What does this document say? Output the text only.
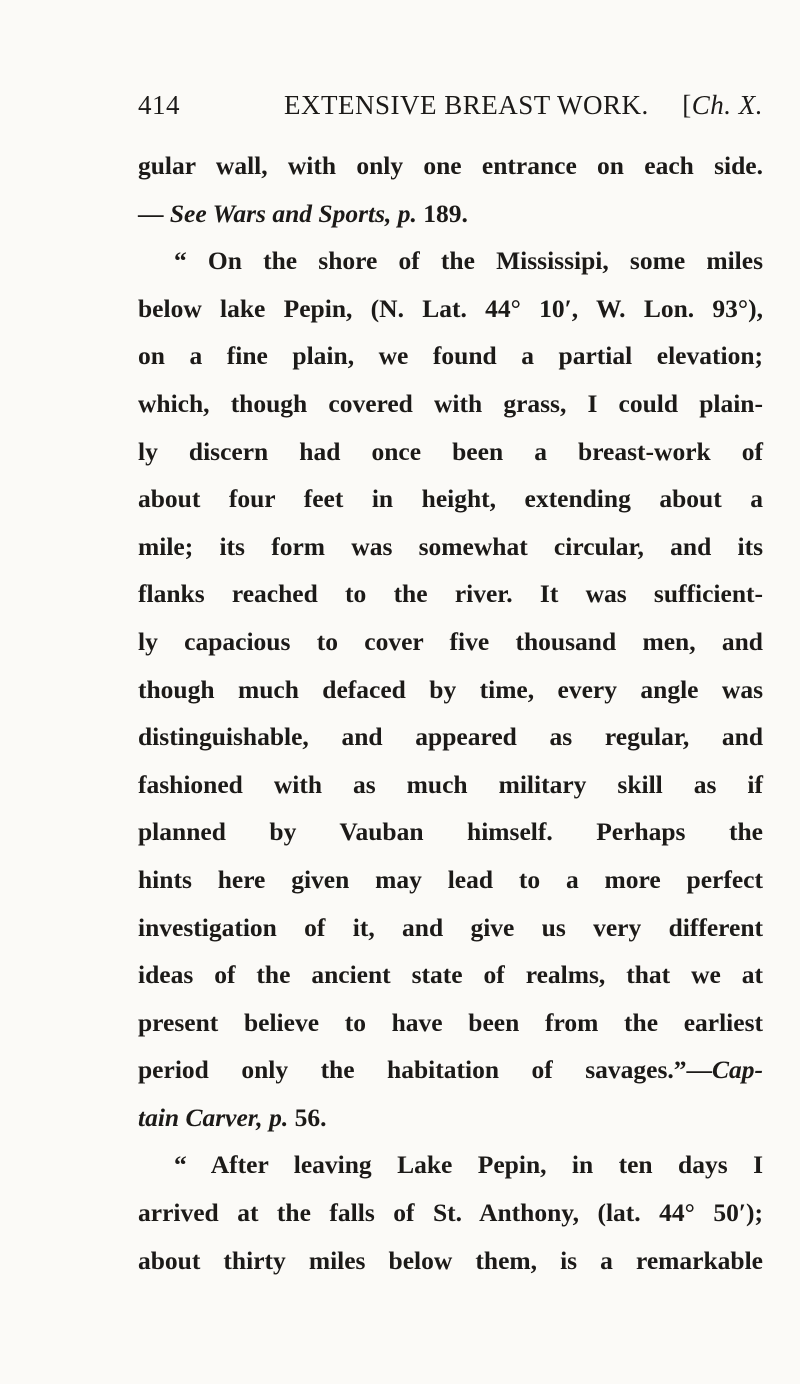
414	EXTENSIVE BREAST WORK. [Ch. X.
gular wall, with only one entrance on each side.
— See Wars and Sports, p. 189.
“ On the shore of the Mississipi, some miles
below lake Pepin, (N. Lat. 44° 10′, W. Lon. 93°),
on a fine plain, we found a partial elevation;
which, though covered with grass, I could plain-
ly discern had once been a breast-work of
about four feet in height, extending about a
mile; its form was somewhat circular, and its
flanks reached to the river. It was sufficient-
ly capacious to cover five thousand men, and
though much defaced by time, every angle was
distinguishable, and appeared as regular, and
fashioned with as much military skill as if
planned by Vauban himself. Perhaps the
hints here given may lead to a more perfect
investigation of it, and give us very different
ideas of the ancient state of realms, that we at
present believe to have been from the earliest
period only the habitation of savages.”—Cap-
tain Carver, p. 56.
“ After leaving Lake Pepin, in ten days I
arrived at the falls of St. Anthony, (lat. 44° 50′);
about thirty miles below them, is a remarkable
